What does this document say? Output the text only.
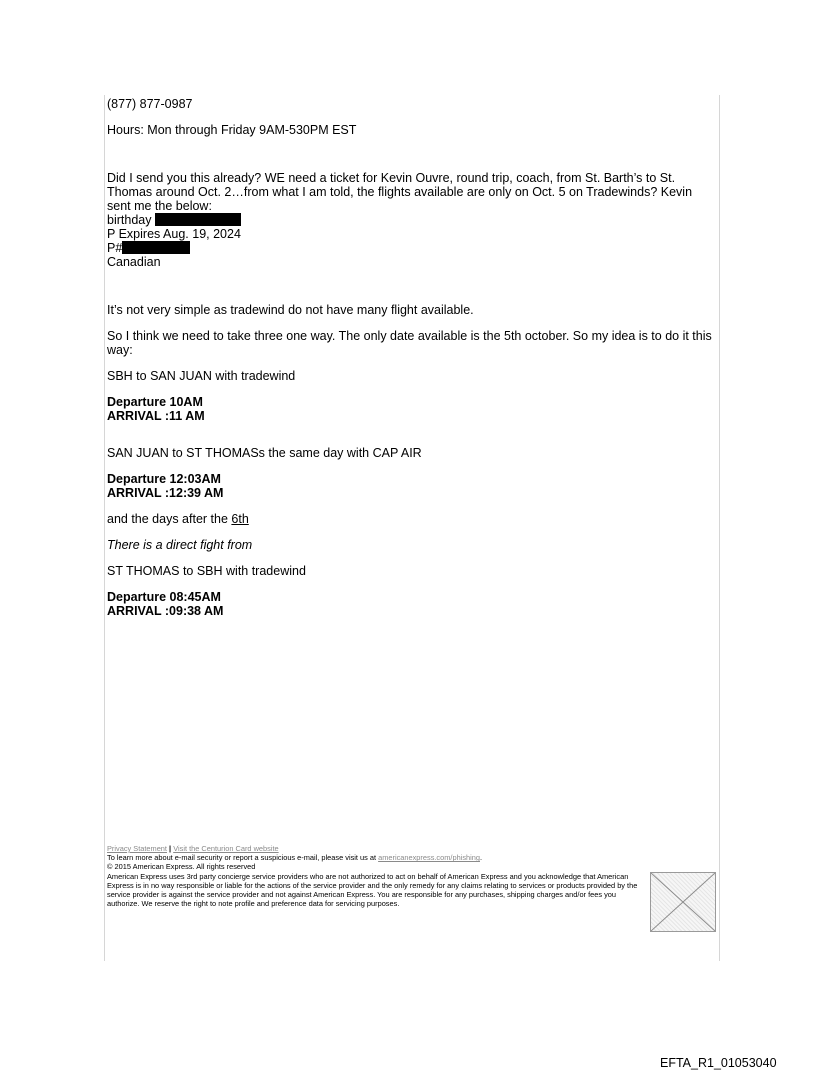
(877) 877-0987

Hours: Mon through Friday 9AM-530PM EST

Did I send you this already? WE need a ticket for Kevin Ouvre, round trip, coach, from St. Barth’s to St. Thomas around Oct. 2…from what I am told, the flights available are only on Oct. 5 on Tradewinds? Kevin sent me the below:

birthday

P Expires Aug. 19, 2024

P#

Canadian

It’s not very simple as tradewind do not have many flight available.

So I think we need to take three one way. The only date available is the 5th october. So my idea is to do it this way:

SBH to SAN JUAN with tradewind

Departure 10AM

ARRIVAL :11 AM

SAN JUAN to ST THOMASs the same day with CAP AIR

Departure 12:03AM

ARRIVAL :12:39 AM

and the days after the 6th

There is a direct fight from

ST THOMAS to SBH with tradewind

Departure 08:45AM

ARRIVAL :09:38 AM

Privacy Statement | Visit the Centurion Card website
To learn more about e-mail security or report a suspicious e-mail, please visit us at americanexpress.com/phishing.
© 2015 American Express. All rights reserved
American Express uses 3rd party concierge service providers who are not authorized to act on behalf of American Express and you acknowledge that American Express is in no way responsible or liable for the actions of the service provider and the only remedy for any claims relating to services or products provided by the service provider is against the service provider and not against American Express. You are responsible for any purchases, shipping charges and/or fees you authorize. We reserve the right to note profile and preference data for servicing purposes.
EFTA_R1_01053040
